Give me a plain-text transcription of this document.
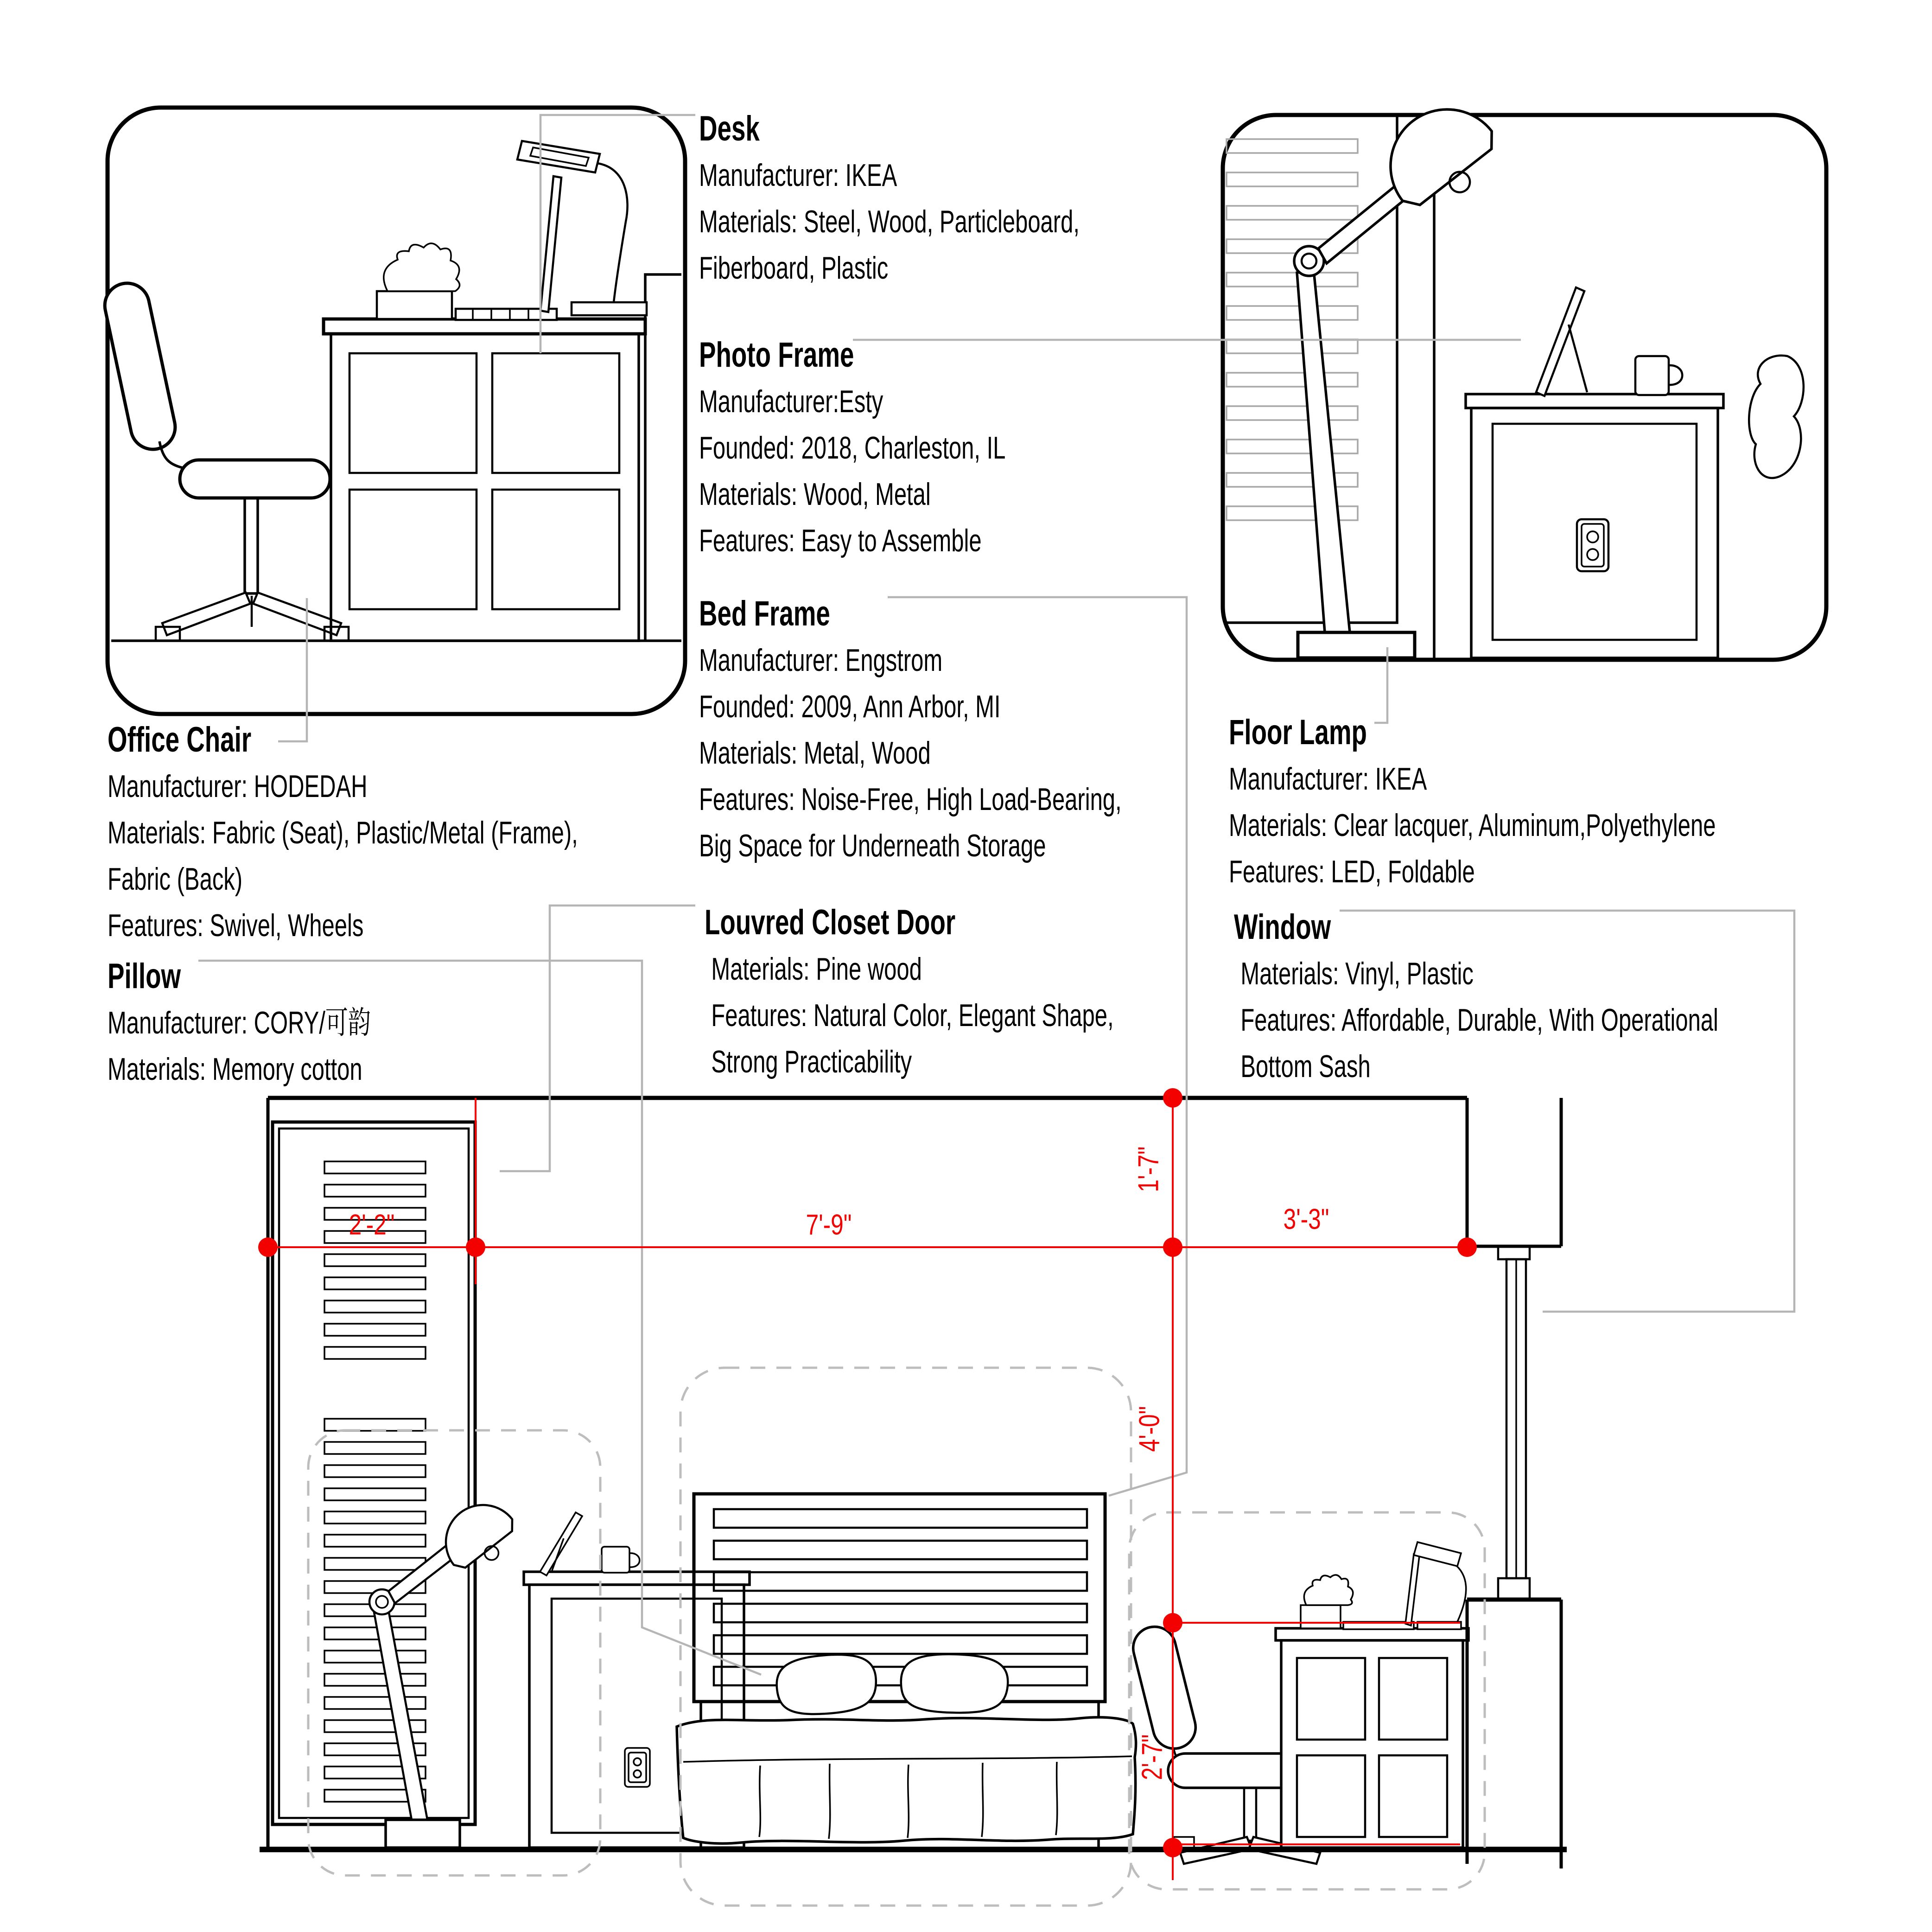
Desk
Manufacturer: IKEA
Materials: Steel, Wood, Particleboard,
Fiberboard, Plastic
Photo Frame
Manufacturer:Esty
Founded: 2018, Charleston, IL
Materials: Wood, Metal
Features: Easy to Assemble
Bed Frame
Manufacturer: Engstrom
Founded: 2009, Ann Arbor, MI
Materials: Metal, Wood
Features: Noise-Free, High Load-Bearing,
Big Space for Underneath Storage
Louvred Closet Door
Materials: Pine wood
Features: Natural Color, Elegant Shape,
Strong Practicability
Office Chair
Manufacturer: HODEDAH
Materials: Fabric (Seat), Plastic/Metal (Frame),
Fabric (Back)
Features: Swivel, Wheels
Pillow
Manufacturer: CORY/可韵
Materials: Memory cotton
Floor Lamp
Manufacturer: IKEA
Materials: Clear lacquer, Aluminum,Polyethylene
Features: LED, Foldable
Window
Materials: Vinyl, Plastic
Features: Affordable, Durable, With Operational
Bottom Sash
2'-2"	7'-9"	3'-3"
1'-7"
4'-0"
2'-7"
